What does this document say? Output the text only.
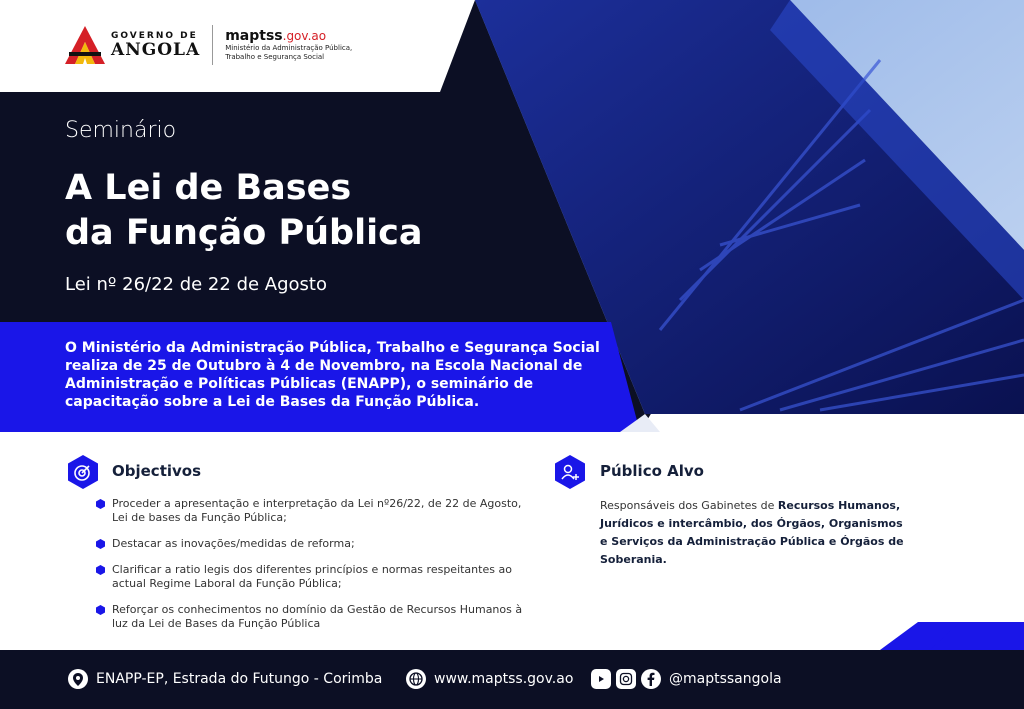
GOVERNO DE
ANGOLA
maptss.gov.ao
Ministério da Administração Pública,
Trabalho e Segurança Social
Seminário
A Lei de Bases
da Função Pública
Lei nº 26/22 de 22 de Agosto
O Ministério da Administração Pública, Trabalho e Segurança Social realiza de 25 de Outubro à 4 de Novembro, na Escola Nacional de Administração e Políticas Públicas (ENAPP), o seminário de capacitação sobre a Lei de Bases da Função Pública.
Objectivos
Proceder a apresentação e interpretação da Lei nº26/22, de 22 de Agosto, Lei de bases da Função Pública;
Destacar as inovações/medidas de reforma;
Clarificar a ratio legis dos diferentes princípios e normas respeitantes ao actual Regime Laboral da Função Pública;
Reforçar os conhecimentos no domínio da Gestão de Recursos Humanos à luz da Lei de Bases da Função Pública
Público Alvo
Responsáveis dos Gabinetes de Recursos Humanos,
Jurídicos e intercâmbio, dos Órgãos, Organismos
e Serviços da Administração Pública e Órgãos de Soberania.
ENAPP-EP, Estrada do Futungo - Corimba	www.maptss.gov.ao	@maptssangola
